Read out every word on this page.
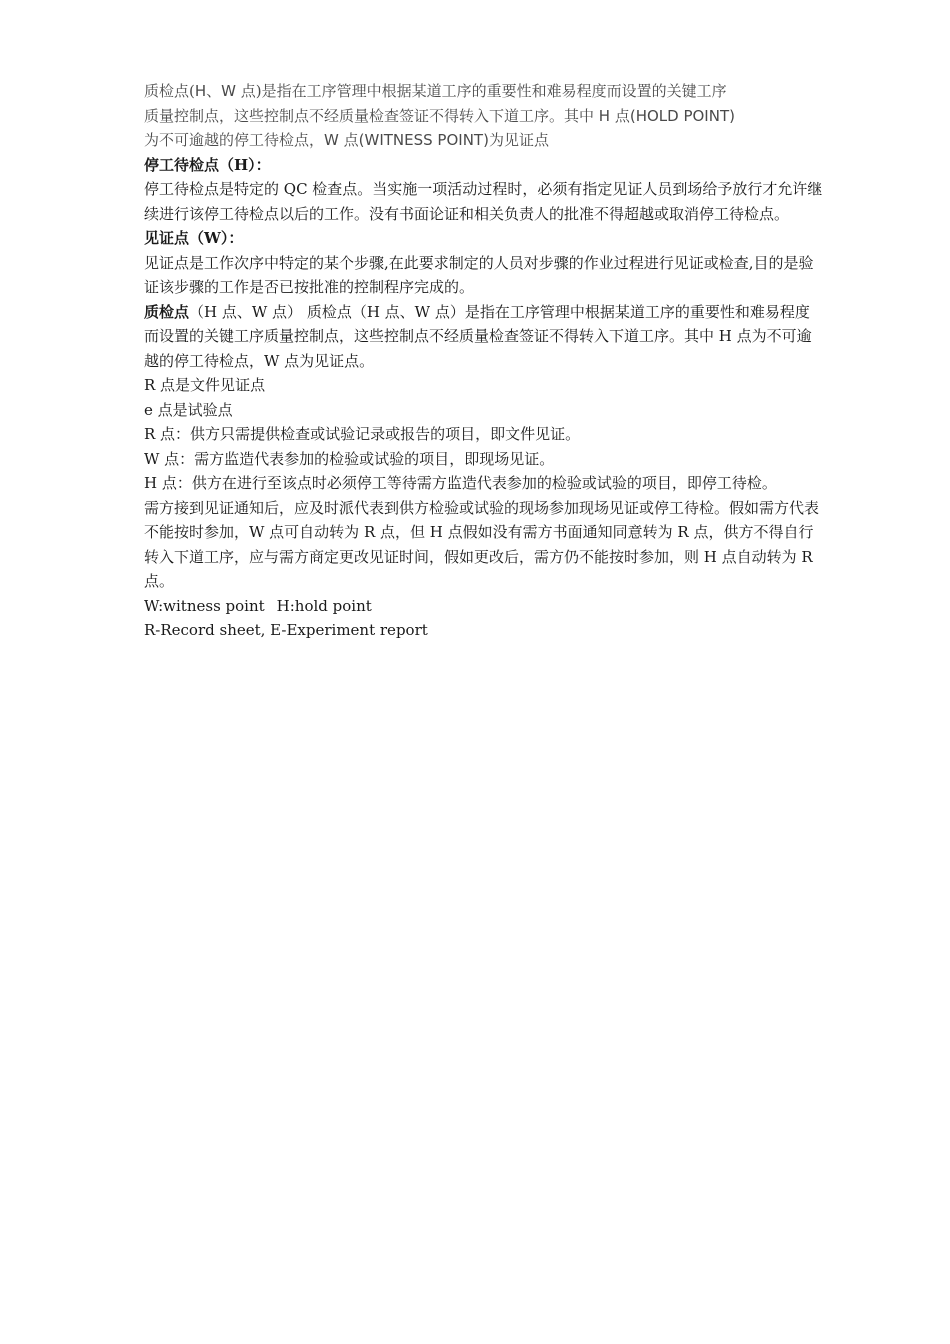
质检点(H、W 点)是指在工序管理中根据某道工序的重要性和难易程度而设置的关键工序
质量控制点，这些控制点不经质量检查签证不得转入下道工序。其中 H 点(HOLD POINT)
为不可逾越的停工待检点，W 点(WITNESS POINT)为见证点

停工待检点（H）：

停工待检点是特定的 QC 检查点。当实施一项活动过程时，必须有指定见证人员到场给予放行才允许继续进行该停工待检点以后的工作。没有书面论证和相关负责人的批准不得超越或取消停工待检点。

见证点（W）：

见证点是工作次序中特定的某个步骤,在此要求制定的人员对步骤的作业过程进行见证或检查,目的是验证该步骤的工作是否已按批准的控制程序完成的。

质检点（H 点、W 点） 质检点（H 点、W 点）是指在工序管理中根据某道工序的重要性和难易程度而设置的关键工序质量控制点，这些控制点不经质量检查签证不得转入下道工序。其中 H 点为不可逾越的停工待检点，W 点为见证点。

R 点是文件见证点

e 点是试验点

R 点：供方只需提供检查或试验记录或报告的项目，即文件见证。

W 点：需方监造代表参加的检验或试验的项目，即现场见证。

H 点：供方在进行至该点时必须停工等待需方监造代表参加的检验或试验的项目，即停工待检。

需方接到见证通知后，应及时派代表到供方检验或试验的现场参加现场见证或停工待检。假如需方代表不能按时参加，W 点可自动转为 R 点，但 H 点假如没有需方书面通知同意转为 R 点，供方不得自行转入下道工序，应与需方商定更改见证时间，假如更改后，需方仍不能按时参加，则 H 点自动转为 R 点。

W:witness point H:hold point

R-Record sheet, E-Experiment report
